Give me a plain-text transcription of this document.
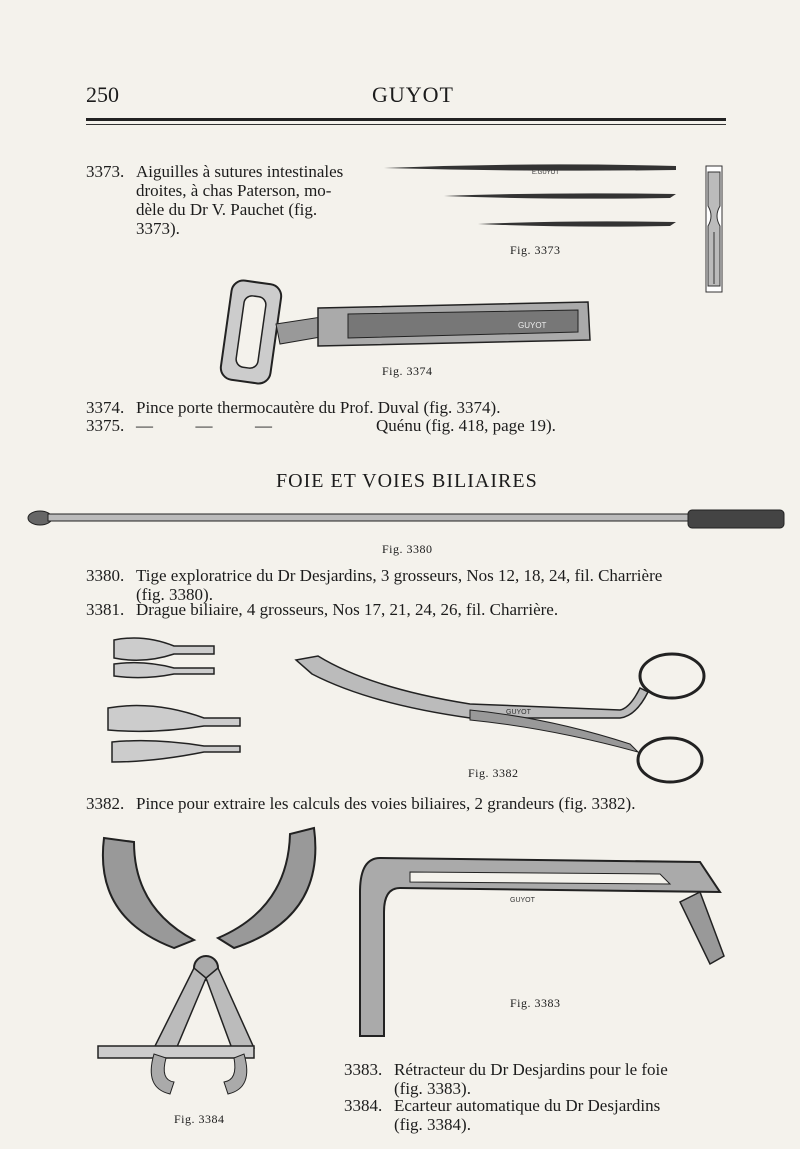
250	GUYOT
3373. Aiguilles à sutures intestinales
droites, à chas Paterson, mo-
dèle du Dr V. Pauchet (fig.
3373).
E.GUYOT
Fig. 3373
GUYOT
Fig. 3374
3374. Pince porte thermocautère du Prof. Duval (fig. 3374).
3375. —          —          —	Quénu (fig. 418, page 19).
FOIE ET VOIES BILIAIRES
Fig. 3380
3380. Tige exploratrice du Dr Desjardins, 3 grosseurs, Nos 12, 18, 24, fil. Charrière
(fig. 3380).
3381. Drague biliaire, 4 grosseurs, Nos 17, 21, 24, 26, fil. Charrière.
GUYOT
Fig. 3382
3382. Pince pour extraire les calculs des voies biliaires, 2 grandeurs (fig. 3382).
Fig. 3384
GUYOT
Fig. 3383
3383. Rétracteur du Dr Desjardins pour le foie
(fig. 3383).
3384. Ecarteur automatique du Dr Desjardins
(fig. 3384).
